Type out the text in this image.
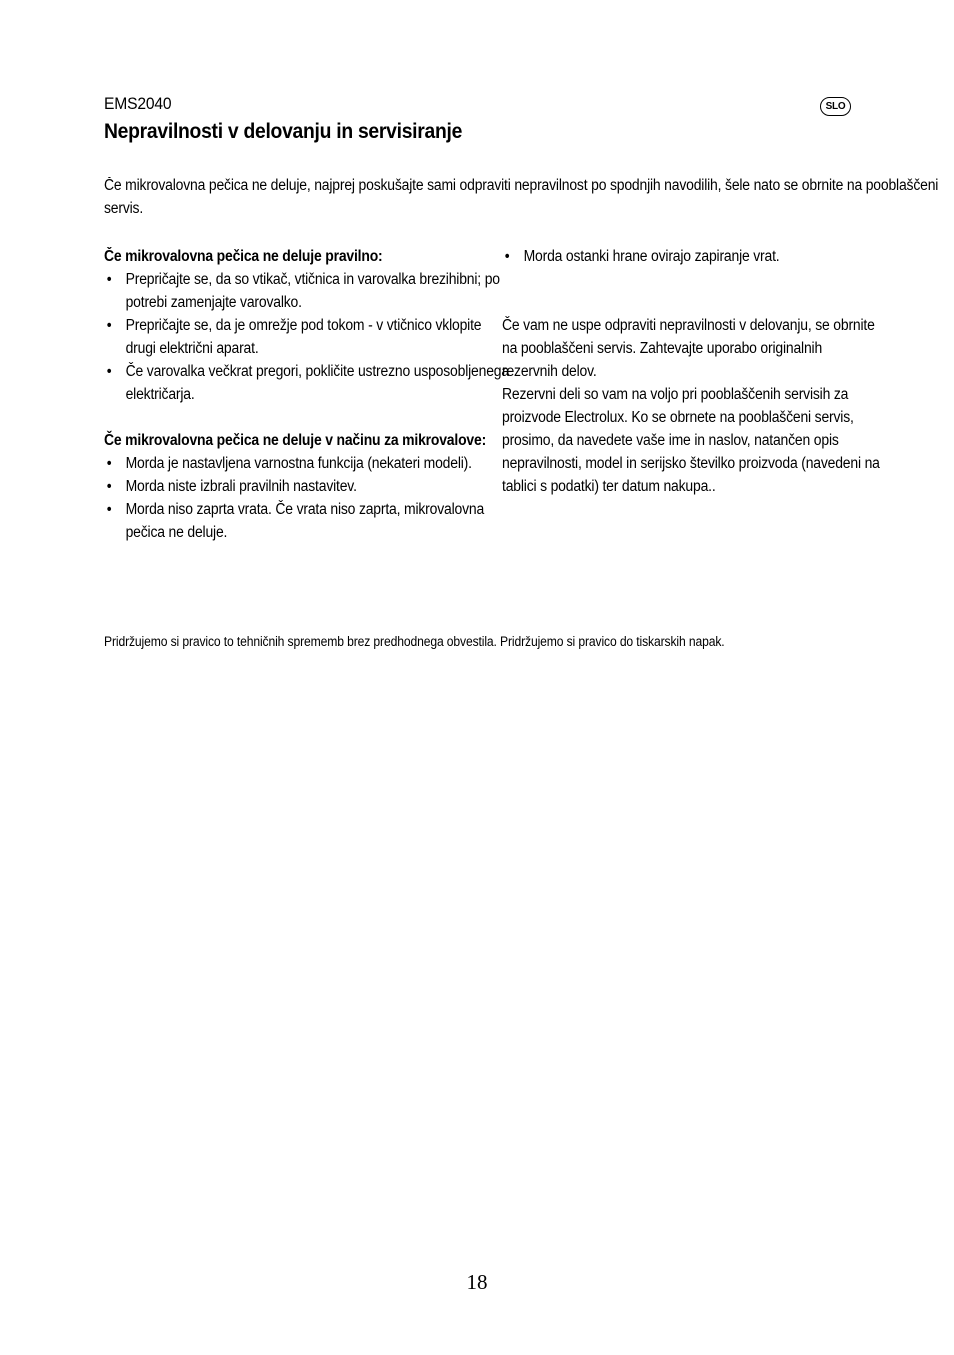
EMS2040	SLO
Nepravilnosti v delovanju in servisiranje

Če mikrovalovna pečica ne deluje, najprej poskušajte sami odpraviti nepravilnost po spodnjih navodilih, šele nato se obrnite na pooblaščeni servis.

Če mikrovalovna pečica ne deluje pravilno:

• Prepričajte se, da so vtikač, vtičnica in varovalka brezihibni; po potrebi zamenjajte varovalko.
• Prepričajte se, da je omrežje pod tokom - v vtičnico vklopite drugi električni aparat.
• Če varovalka večkrat pregori, pokličite ustrezno usposobljenega električarja.

Če mikrovalovna pečica ne deluje v načinu za mikrovalove:

• Morda je nastavljena varnostna funkcija (nekateri modeli).
• Morda niste izbrali pravilnih nastavitev.
• Morda niso zaprta vrata. Če vrata niso zaprta, mikrovalovna pečica ne deluje.
• Morda ostanki hrane ovirajo zapiranje vrat.

Če vam ne uspe odpraviti nepravilnosti v delovanju, se obrnite na pooblaščeni servis. Zahtevajte uporabo originalnih rezervnih delov.

Rezervni deli so vam na voljo pri pooblaščenih servisih za proizvode Electrolux. Ko se obrnete na pooblaščeni servis, prosimo, da navedete vaše ime in naslov, natančen opis nepravilnosti, model in serijsko številko proizvoda (navedeni na tablici s podatki) ter datum nakupa..

Pridržujemo si pravico to tehničnih sprememb brez predhodnega obvestila. Pridržujemo si pravico do tiskarskih napak.

18
